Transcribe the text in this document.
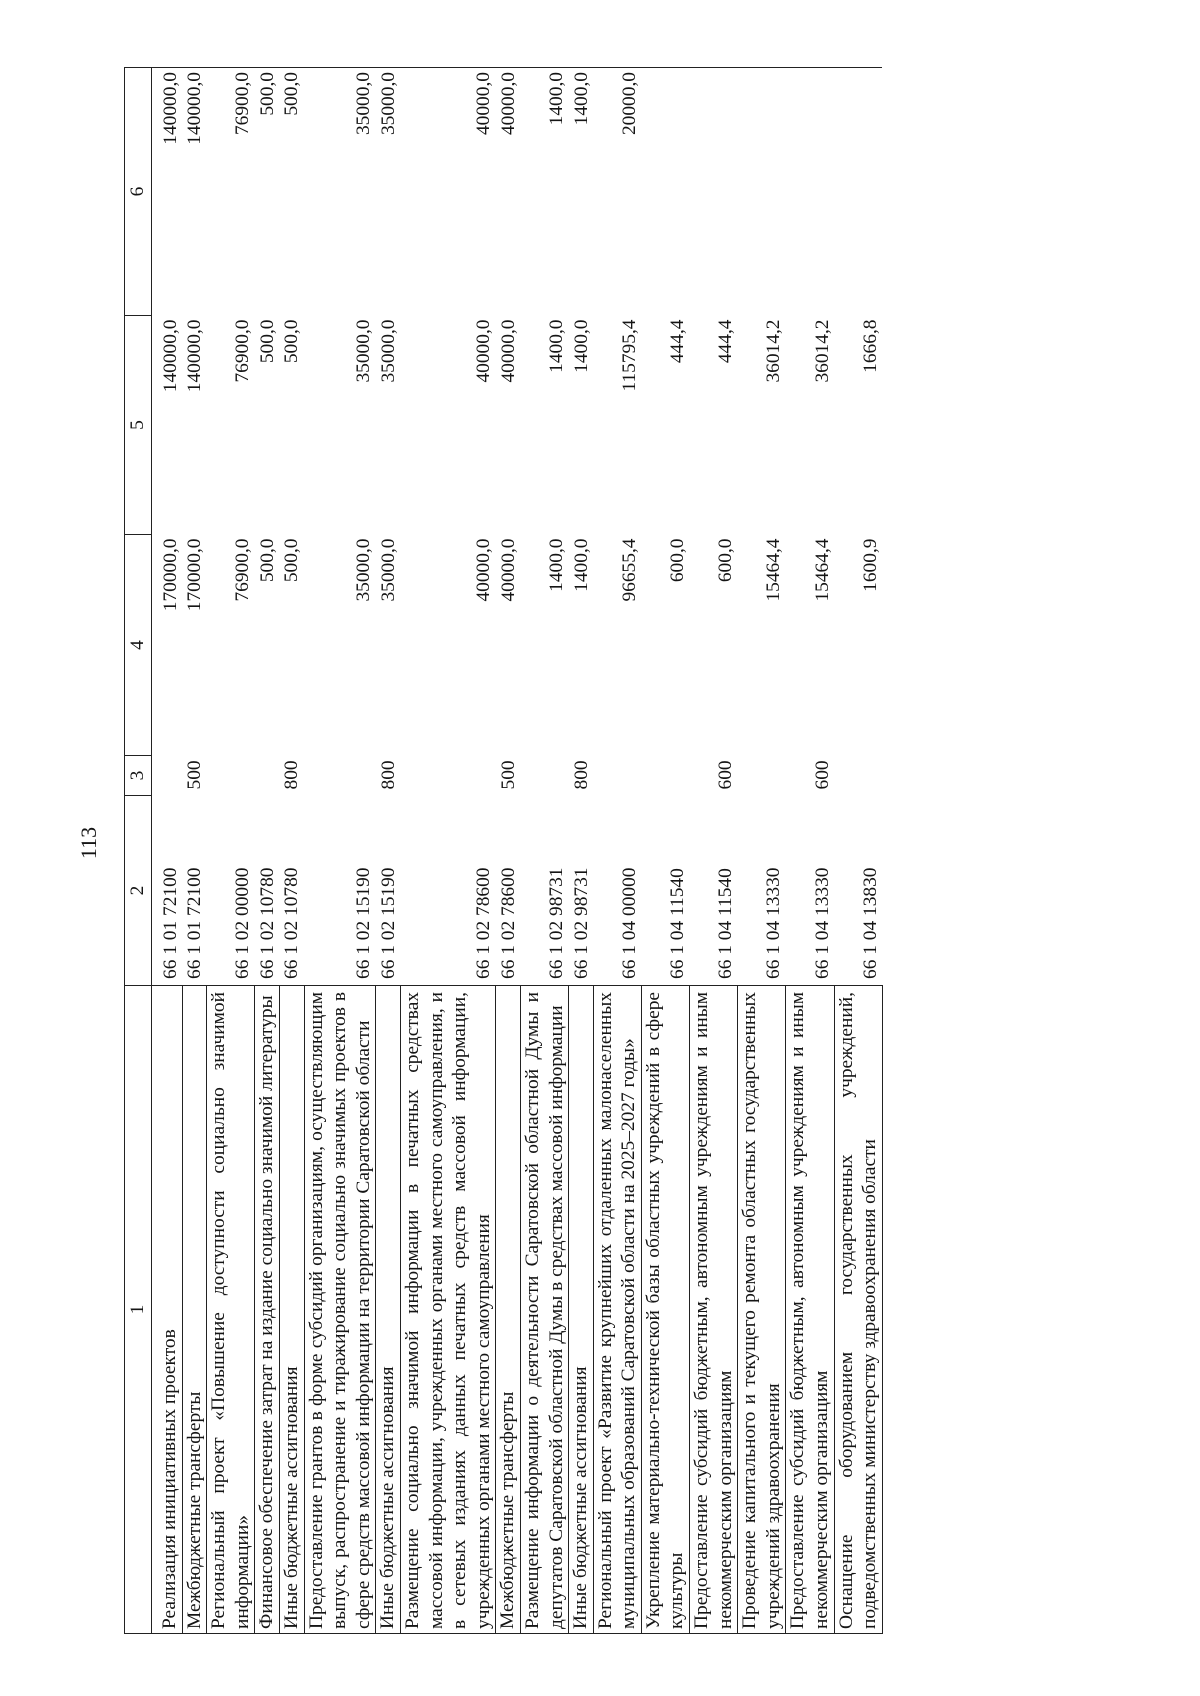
113
1	2	3	4	5	6

Реализация инициативных проектов	66 1 01 72100		170000,0	140000,0	140000,0
Межбюджетные трансферты	66 1 01 72100	500	170000,0	140000,0	140000,0
Региональный проект «Повышение доступности социально значимой информации»	66 1 02 00000		76900,0	76900,0	76900,0
Финансовое обеспечение затрат на издание социально значимой литературы	66 1 02 10780		500,0	500,0	500,0
Иные бюджетные ассигнования	66 1 02 10780	800	500,0	500,0	500,0
Предоставление грантов в форме субсидий организациям, осуществляющим выпуск, распространение и тиражирование социально значимых проектов в сфере средств массовой информации на территории Саратовской области	66 1 02 15190		35000,0	35000,0	35000,0
Иные бюджетные ассигнования	66 1 02 15190	800	35000,0	35000,0	35000,0
Размещение социально значимой информации в печатных средствах массовой информации, учрежденных органами местного самоуправления, и в сетевых изданиях данных печатных средств массовой информации, учрежденных органами местного самоуправления	66 1 02 78600		40000,0	40000,0	40000,0
Межбюджетные трансферты	66 1 02 78600	500	40000,0	40000,0	40000,0
Размещение информации о деятельности Саратовской областной Думы и депутатов Саратовской областной Думы в средствах массовой информации	66 1 02 98731		1400,0	1400,0	1400,0
Иные бюджетные ассигнования	66 1 02 98731	800	1400,0	1400,0	1400,0
Региональный проект «Развитие крупнейших отдаленных малонаселенных муниципальных образований Саратовской области на 2025–2027 годы»	66 1 04 00000		96655,4	115795,4	20000,0
Укрепление материально-технической базы областных учреждений в сфере культуры	66 1 04 11540		600,0	444,4	
Предоставление субсидий бюджетным, автономным учреждениям и иным некоммерческим организациям	66 1 04 11540	600	600,0	444,4	
Проведение капитального и текущего ремонта областных государственных учреждений здравоохранения	66 1 04 13330		15464,4	36014,2	
Предоставление субсидий бюджетным, автономным учреждениям и иным некоммерческим организациям	66 1 04 13330	600	15464,4	36014,2	
Оснащение оборудованием государственных учреждений, подведомственных министерству здравоохранения области	66 1 04 13830		1600,9	1666,8	
